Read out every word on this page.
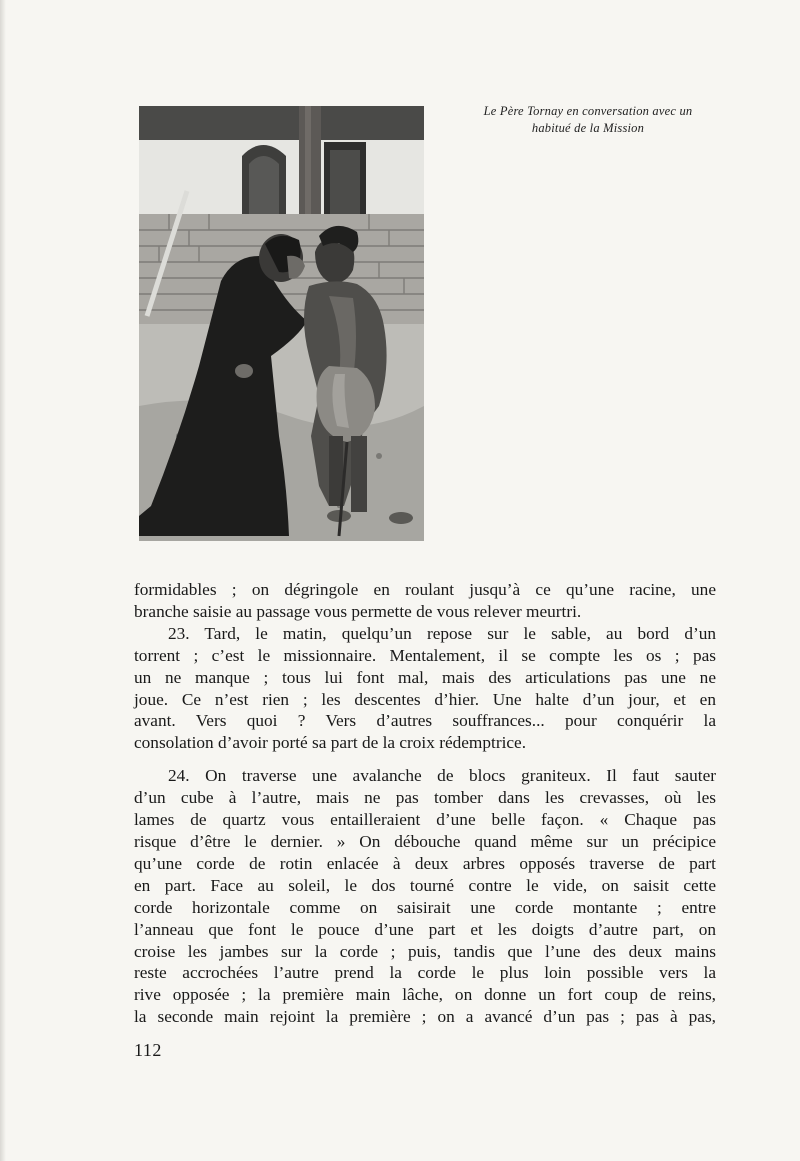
Le Père Tornay en conversation avec un
habitué de la Mission

formidables ; on dégringole en roulant jusqu’à ce qu’une racine, une

branche saisie au passage vous permette de vous relever meurtri.

23. Tard, le matin, quelqu’un repose sur le sable, au bord d’un

torrent ; c’est le missionnaire. Mentalement, il se compte les os ; pas

un ne manque ; tous lui font mal, mais des articulations pas une ne

joue. Ce n’est rien ; les descentes d’hier. Une halte d’un jour, et en

avant. Vers quoi ? Vers d’autres souffrances... pour conquérir la

consolation d’avoir porté sa part de la croix rédemptrice.

24. On traverse une avalanche de blocs graniteux. Il faut sauter

d’un cube à l’autre, mais ne pas tomber dans les crevasses, où les

lames de quartz vous entailleraient d’une belle façon. « Chaque pas

risque d’être le dernier. » On débouche quand même sur un précipice

qu’une corde de rotin enlacée à deux arbres opposés traverse de part

en part. Face au soleil, le dos tourné contre le vide, on saisit cette

corde horizontale comme on saisirait une corde montante ; entre

l’anneau que font le pouce d’une part et les doigts d’autre part, on

croise les jambes sur la corde ; puis, tandis que l’une des deux mains

reste accrochées l’autre prend la corde le plus loin possible vers la

rive opposée ; la première main lâche, on donne un fort coup de reins,

la seconde main rejoint la première ; on a avancé d’un pas ; pas à pas,

112
